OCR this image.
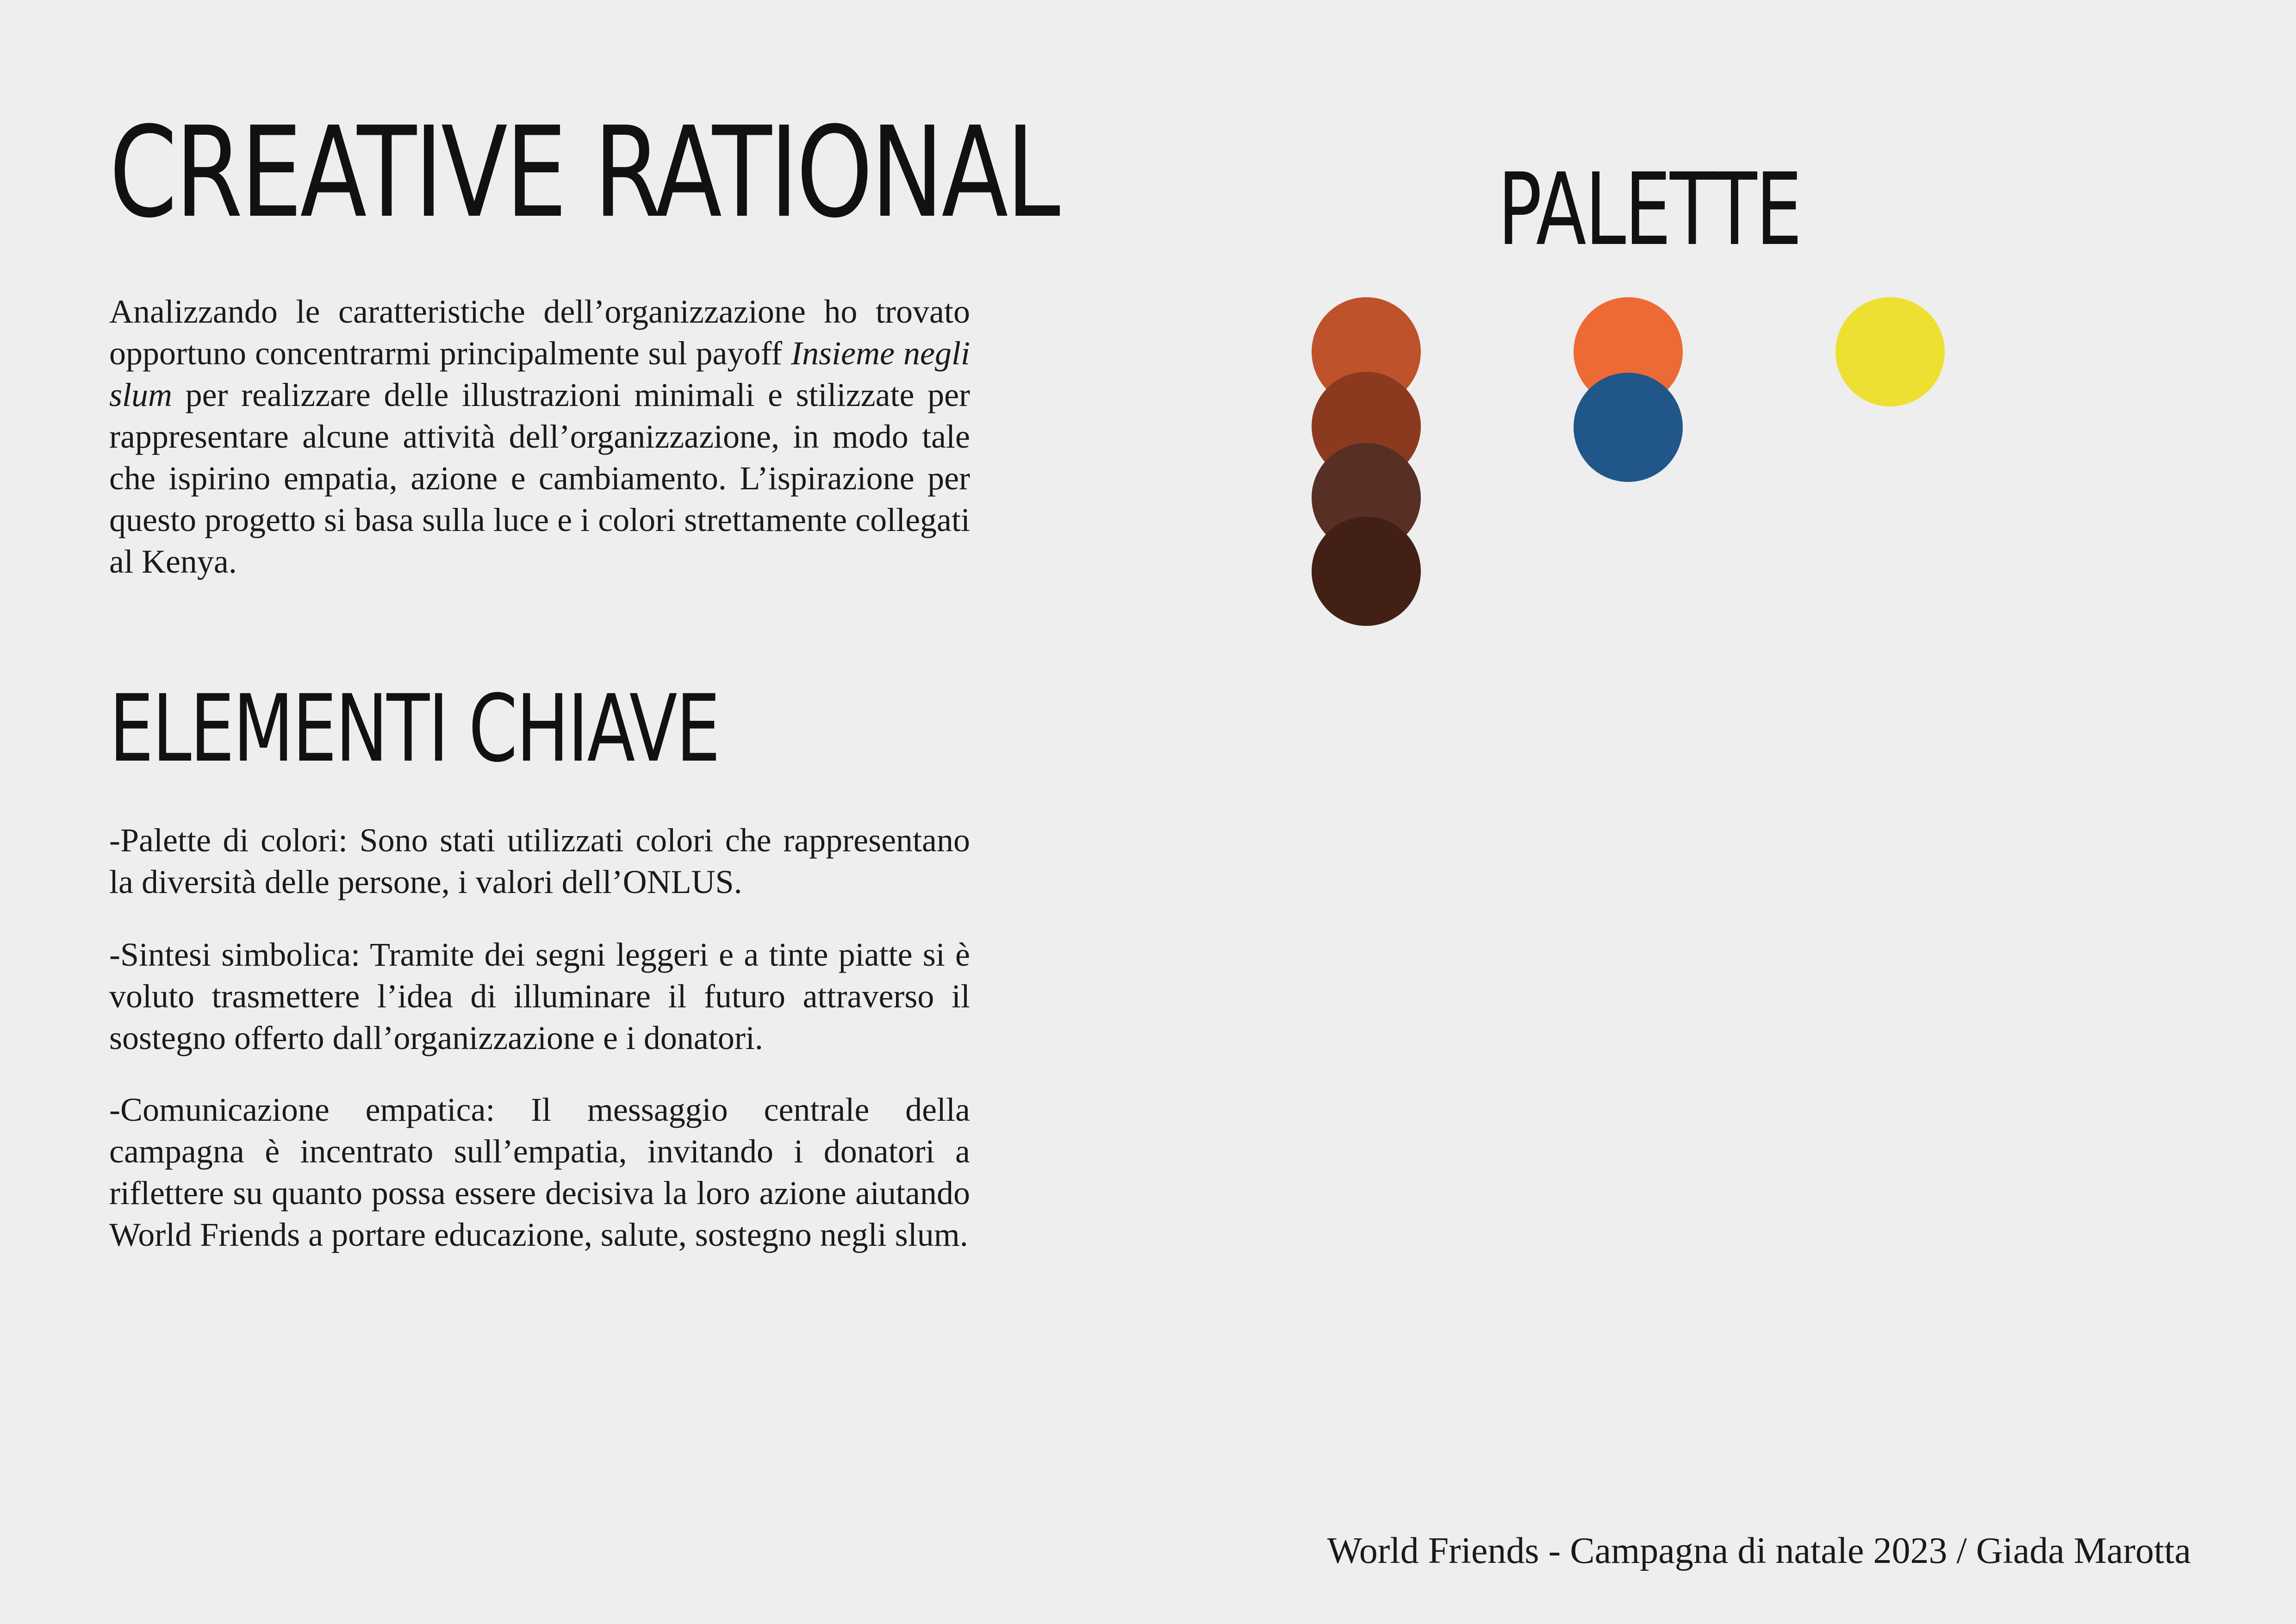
CREATIVE RATIONAL

Analizzando le caratteristiche dell’organizzazione ho trovato opportuno concentrarmi principalmente sul payoff Insieme negli slum per realizzare delle illustrazioni minimali e stilizzate per rappresentare alcune attività dell’organizzazione, in modo tale che ispirino empatia, azione e cambiamento. L’ispirazione per questo progetto si basa sulla luce e i colori strettamente collegati al Kenya.

ELEMENTI CHIAVE

-Palette di colori: Sono stati utilizzati colori che rappresentano la diversità delle persone, i valori dell’ONLUS.

-Sintesi simbolica: Tramite dei segni leggeri e a tinte piatte si è voluto trasmettere l’idea di illuminare il futuro attraverso il sostegno offerto dall’organizzazione e i donatori.

-Comunicazione empatica: Il messaggio centrale della campagna è incentrato sull’empatia, invitando i donatori a riflettere su quanto possa essere decisiva la loro azione aiutando World Friends a portare educazione, salute, sostegno negli slum.

PALETTE

World Friends - Campagna di natale 2023 / Giada Marotta
